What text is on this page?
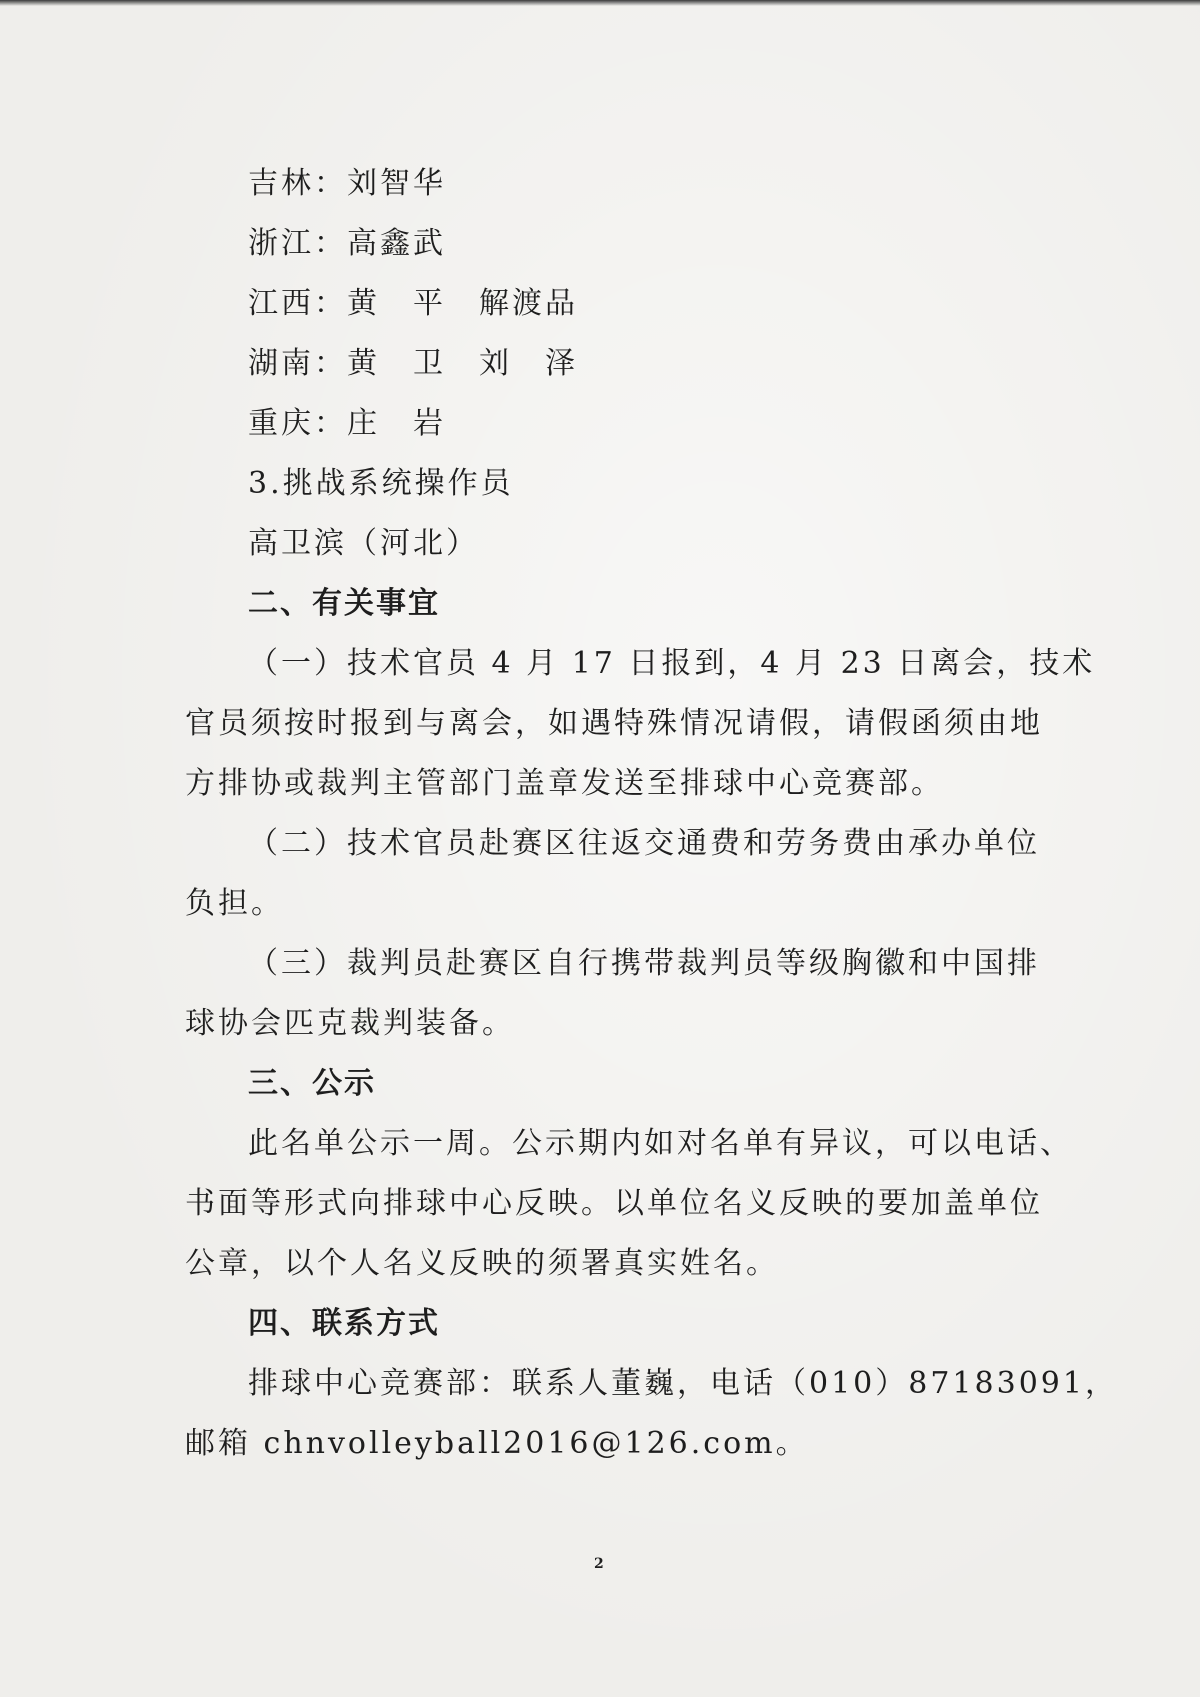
吉林：刘智华
浙江：高鑫武
江西：黄　平　解渡品
湖南：黄　卫　刘　泽
重庆：庄　岩
3.挑战系统操作员
高卫滨（河北）
二、有关事宜
（一）技术官员 4 月 17 日报到，4 月 23 日离会，技术
官员须按时报到与离会，如遇特殊情况请假，请假函须由地
方排协或裁判主管部门盖章发送至排球中心竞赛部。
（二）技术官员赴赛区往返交通费和劳务费由承办单位
负担。
（三）裁判员赴赛区自行携带裁判员等级胸徽和中国排
球协会匹克裁判装备。
三、公示
此名单公示一周。公示期内如对名单有异议，可以电话、
书面等形式向排球中心反映。以单位名义反映的要加盖单位
公章，以个人名义反映的须署真实姓名。
四、联系方式
排球中心竞赛部：联系人董巍，电话（010）87183091，
邮箱 chnvolleyball2016@126.com。
2
